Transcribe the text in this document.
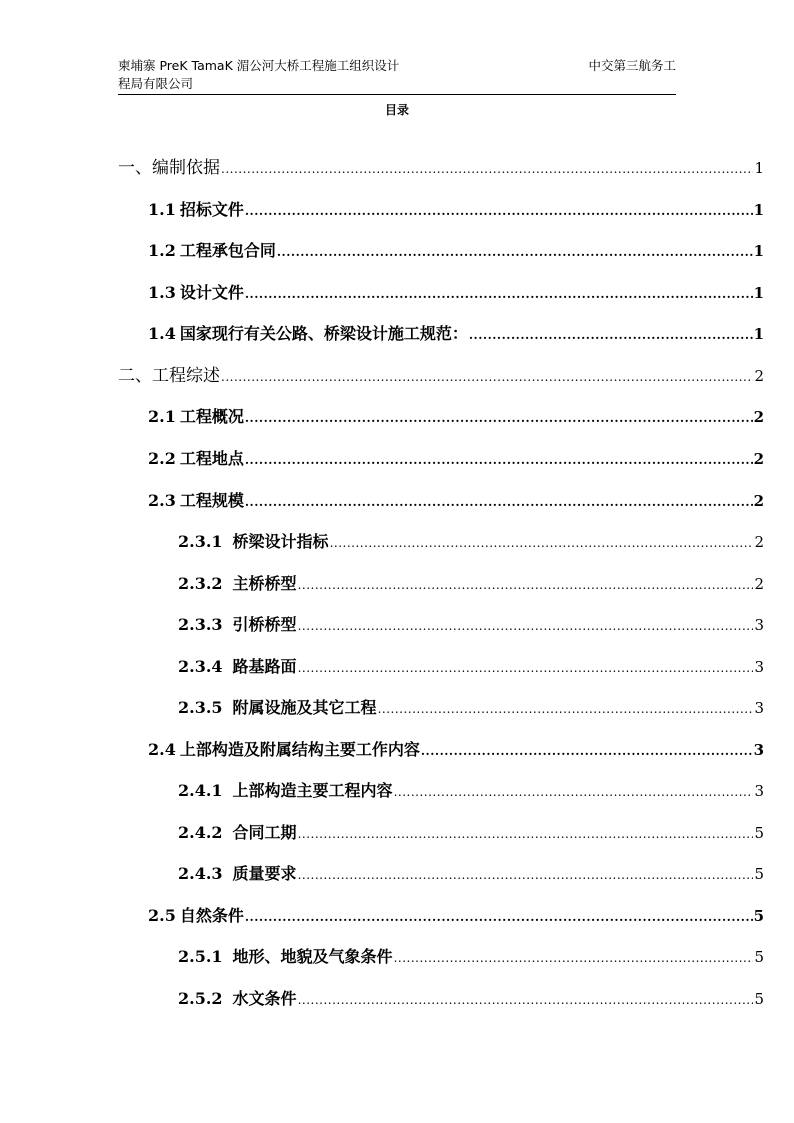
柬埔寨 PreK TamaK 湄公河大桥工程施工组织设计	中交第三航务工
程局有限公司
目录
一、编制依据 .....	1
1.1 招标文件 .....	1
1.2 工程承包合同 .....	1
1.3 设计文件 .....	1
1.4 国家现行有关公路、桥梁设计施工规范： .....	1
二、工程综述 .....	2
2.1 工程概况 .....	2
2.2 工程地点 .....	2
2.3 工程规模 .....	2
2.3.1 桥梁设计指标 .....	2
2.3.2 主桥桥型 .....	2
2.3.3 引桥桥型 .....	3
2.3.4 路基路面 .....	3
2.3.5 附属设施及其它工程 .....	3
2.4 上部构造及附属结构主要工作内容 .....	3
2.4.1 上部构造主要工程内容 .....	3
2.4.2 合同工期 .....	5
2.4.3 质量要求 .....	5
2.5 自然条件 .....	5
2.5.1 地形、地貌及气象条件 .....	5
2.5.2 水文条件 .....	5
